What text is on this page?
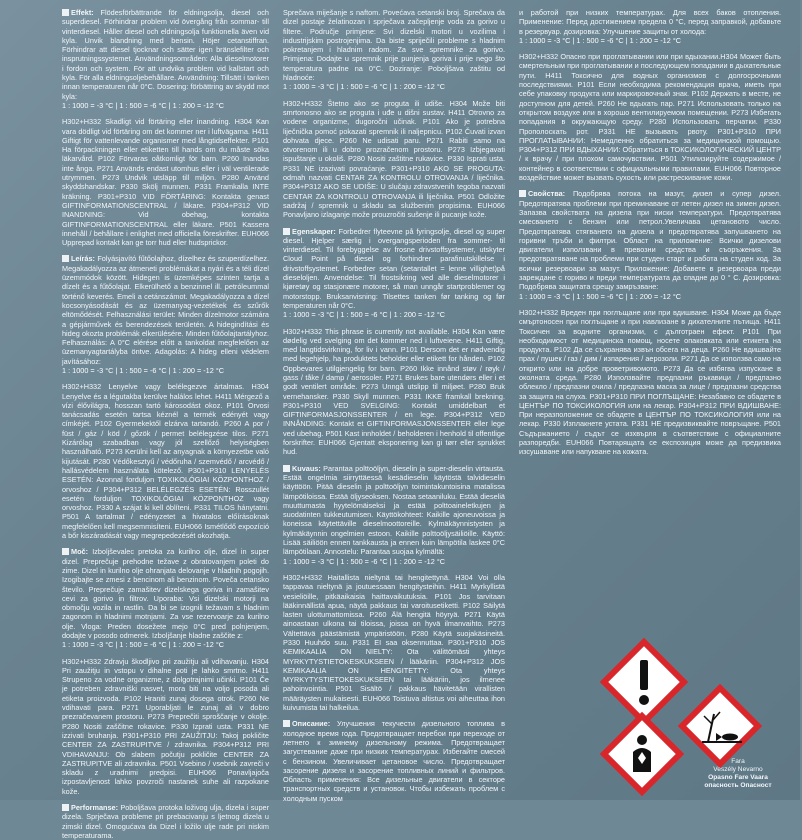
Effekt: Flödesförbättrande för eldningsolja, diesel och superdiesel. Förhindrar problem vid övergång från sommar- till vinterdiesel. Håller diesel och eldningsolja funktionella även vid kyla. Unvik blandning med bensin. Höjer cetanstiffran. Förhindrar att diesel tjocknar och sätter igen bränslefilter och insprutningssystemet. Användningsområden: Alla dieselmotorer i fordon och system. För att undvika problem vid kallstart och kyla. För alla eldningsoljebehållare. Användning: Tillsätt i tanken innan temperaturen når 0°C. Dosering: förbättring av skydd mot kyla:
1 : 1000 = -3 °C | 1 : 500 = -6 °C | 1 : 200 = -12 °C

H302+H332 Skadligt vid förtäring eller inandning. H304 Kan vara dödligt vid förtäring om det kommer ner i luftvägarna. H411 Giftigt för vattenlevande organismer med långtidseffekter. P101 Ha förpackningen eller etiketten till hands om du måste söka läkarvård. P102 Förvaras oåtkomligt för barn. P260 Inandas inte ånga. P271 Används endast utomhus eller i väl ventilerade utrymmen. P273 Undvik utsläpp till miljön. P280 Använd skyddshandskar. P330 Skölj munnen. P331 Framkalla INTE kräkning. P301+P310 VID FÖRTÄRING: Kontakta genast GIFTINFORMATIONSCENTRAL / läkare. P304+P312 VID INANDNING: Vid obehag, kontakta GIFTINFORMATIONSCENTRAL eller läkare. P501 Kassera innehåll / behållare i enlighet med officiella föreskrifter. EUH066 Upprepad kontakt kan ge torr hud eller hudsprickor.

Leírás: Folyásjavító fűtőolajhoz, dízelhez és szuperdízelhez. Megakadályozza az átmeneti problémákat a nyári és a téli dízel üzemmódok között. Hidegen is üzemképes szinten tartja a dízelt és a fűtőolajat. Elkerülhető a benzinnel ill. petróleummal történő keverés. Emeli a cetánszámot. Megakadályozza a dízel kocsonyásodását és az üzemanyag-vezetékek és szűrők eltömődését. Felhasználási terület: Minden dízelmotor számára a gépjárművek és berendezések területén. A hidegindítási és hideg okozta problémák elkerülésére. Minden fűtőolajtartályhoz. Felhasználás: A 0°C elérése előtt a tankoldat megfelelően az üzemanyagtartályba öntve. Adagolás: A hideg elleni védelem javításához:
1 : 1000 = -3 °C | 1 : 500 = -6 °C | 1 : 200 = -12 °C

H302+H332 Lenyelve vagy belélegezve ártalmas. H304 Lenyelve és a légutakba kerülve halálos lehet. H411 Mérgező a vízi élővilágra, hosszan tartó károsodást okoz. P101 Orvosi tanácsadás esetén tartsa kéznél a termék edényét vagy címkéjét. P102 Gyermekektől elzárva tartandó. P260 A por / füst / gáz / köd / gőzök / permet belélegzése tilos. P271 Kizárólag szabadban vagy jól szellőző helyiségben használható. P273 Kerülni kell az anyagnak a környezetbe való kijutását. P280 Védőkesztyű / védőruha / szemvédő / arcvédő / hallásvédelem használata kötelező. P301+P310 LENYELÉS ESETÉN: Azonnal forduljon TOXIKOLÓGIAI KÖZPONTHOZ / orvoshoz / P304+P312 BELÉLEGZÉS ESETÉN: Rosszullét esetén forduljon TOXIKOLÓGIAI KÖZPONTHOZ vagy orvoshoz. P330 A szájat ki kell öblíteni. P331 TILOS hánytatni. P501 A tartalmat / edényzetet a hivatalos előírásoknak megfelelően kell megsemmisíteni. EUH066 Ismétlődő expozíció a bőr kiszáradását vagy megrepedezését okozhatja.

Moč: Izboljševalec pretoka za kurilno olje, dizel in super dizel. Preprečuje prehodne težave z obratovanjem poleti do zime. Dizel in kurilno olje ohranjata delovanje v hladnih pogojih. Izogibajte se zmesi z bencinom ali benzinom. Poveča cetansko število. Preprečuje zamašitev dizelskega goriva in zamašitev cevi za gorivo in filtrov. Uporaba: Vsi dizelski motorji na območju vozila in rastlin. Da bi se izognili težavam s hladnim zagonom in hladnimi motnjami. Za vse rezervoarje za kurilno olje. Vloga: Preden dosežete mejo 0°C pred polnjenjem, dodajte v posodo odmerek. Izboljšanje hladne zaščite z:
1 : 1000 = -3 °C | 1 : 500 = -6 °C | 1 : 200 = -12 °C

H302+H332 Zdravju škodljivo pri zaužitju ali vdihavanju. H304 Pri zaužitju in vstopu v dihalne poti je lahko smrtno. H411 Strupeno za vodne organizme, z dolgotrajnimi učinki. P101 Če je potreben zdravniški nasvet, mora biti na voljo posoda ali etiketa proizvoda. P102 Hraniti zunaj dosega otrok. P260 Ne vdihavati para. P271 Uporabljati le zunaj ali v dobro prezračevanem prostoru. P273 Preprečiti sproščanje v okolje. P280 Nositi zaščitne rokavice. P330 Izprati usta. P331 NE izzivati bruhanja. P301+P310 PRI ZAUŽITJU: Takoj pokličite CENTER ZA ZASTRUPITVE / zdravnika. P304+P312 PRI VDIHAVANJU: Ob slabem počutju pokličite CENTER ZA ZASTRUPITVE ali zdravnika. P501 Vsebino / vsebnik zavreči v skladu z uradnimi predpisi. EUH066 Ponavljajoča izpostavljenost lahko povzroči nastanek suhe ali razpokane kože.

Performanse: Poboljšava protoka loživog ulja, dizela i super dizela. Sprječava probleme pri prebacivanju s ljetnog dizela u zimski dizel. Omogućava da Dizel i ložilo ulje rade pri niskim temperaturama.

Sprečava miješanje s naftom. Povećava cetanski broj. Sprečava da dizel postaje želatinozan i sprječava začepljenje voda za gorivo u filtere. Područje primjene: Svi dizelski motori u vozilima i industrijskim postrojenjima. Da biste spriječili probleme s hladnim pokretanjem i hladnim radom. Za sve spremnike za gorivo. Primjena: Dodajte u spremnik prije punjenja goriva i prije nego što temperatura padne na 0°C. Doziranje: Poboljšava zaštitu od hladnoće:
1 : 1000 = -3 °C | 1 : 500 = -6 °C | 1 : 200 = -12 °C

H302+H332 Štetno ako se proguta ili udiše. H304 Može biti smrtonosno ako se proguta i uđe u dišni sustav. H411 Otrovno za vodene organizme, dugoročni učinak. P101 Ako je potrebna liječnička pomoć pokazati spremnik ili naljepnicu. P102 Čuvati izvan dohvata djece. P260 Ne udisati paru. P271 Rabiti samo na otvorenom ili u dobro prozračenom prostoru. P273 Izbjegavati ispuštanje u okoliš. P280 Nositi zaštitne rukavice. P330 Isprati usta. P331 NE izazivati povraćanje. P301+P310 AKO SE PROGUTA: odmah nazvati CENTAR ZA KONTROLU OTROVANJA / liječnika. P304+P312 AKO SE UDIŠE: U slučaju zdravstvenih tegoba nazvati CENTAR ZA KONTROLU OTROVANJA ili liječnika. P501 Odložite sadržaj / spremnik u skladu sa službenim propisima. EUH066 Ponavljano izlaganje može prouzročiti sušenje ili pucanje kože.

Egenskaper: Forbedrer flyteevne på fyringsolje, diesel og super diesel. Hjelper særlig i overgangsperioden fra sommer- til vinterdiesel. Til forebyggelse av frosne drivstoffsystemer, utskyter Cloud Point på diesel og forhindrer parafinutskillelse i drivstoffsystemet. Forbedrer setan (setantallet = lenne villighet)på dieseloljen. Anvendelse: Til frostsikring ved alle dieselmotorer i kjøretøy og stasjonære motorer, så man unngår startproblemer og motorstopp. Bruksanvisning: Tilsettes tanken før tanking og før temperaturen når 0°C.
1 : 1000 = -3 °C | 1 : 500 = -6 °C | 1 : 200 = -12 °C

H302+H332 This phrase is currently not available. H304 Kan være dødelig ved svelging om det kommer ned i luftveiene. H411 Giftig, med langtidsvirkning, for liv i vann. P101 Dersom det er nødvendig med legehjelp, ha produktets beholder eller etikett for hånden. P102 Oppbevares utilgjengelig for barn. P260 Ikke innånd støv / røyk / gass / tåke / damp / aerosoler. P271 Brukes bare utendørs eller i et godt ventilert område. P273 Unngå utslipp til miljøet. P280 Bruk vernehansker. P330 Skyll munnen. P331 IKKE framkall brekning. P301+P310 VED SVELGING: Kontakt umiddelbart et GIFTINFORMASJONSSENTER / en lege. P304+P312 VED INNÅNDING: Kontakt et GIFTINFORMASJONSSENTER eller lege ved ubehag. P501 Kast innholdet / beholderen i henhold til offentlige forskrifter. EUH066 Gjentatt eksponering kan gi tørr eller sprukket hud.

Kuvaus: Parantaa polttoöljyn, dieselin ja super-dieselin virtausta. Estää ongelmia siirryttäessä kesädieselin käytöstä talvidieselin käyttöön. Pitää dieselin ja polttoöljyn toimintakuntoisina matalissa lämpötiloissa. Estää öljyseoksen. Nostaa setaaniluku. Estää dieseliä muuttumasta hyytelömäiseksi ja estää polttoaineletkujen ja suodatinten tukkeutumisen. Käyttökohteet: Kaikille ajoneuvoissa ja koneissa käytettäville dieselmoottoreille. Kylmäkäynnistysten ja kylmäkäynnin ongelmien estoon. Kaikille polttoöljysäiliöille. Käyttö: Lisää säiliöön ennen tankkausta ja ennen kuin lämpötila laskee 0°C lämpötilaan. Annostelu: Parantaa suojaa kylmältä:
1 : 1000 = -3 °C | 1 : 500 = -6 °C | 1 : 200 = -12 °C

H302+H332 Haitallista nieltynä tai hengitettynä. H304 Voi olla tappavaa nieltynä ja joutuessaan hengitysteihin. H411 Myrkyllistä vesieliöille, pitkäaikaisia haittavaikutuksia. P101 Jos tarvitaan lääkinnällistä apua, näytä pakkaus tai varoitusetiketti. P102 Säilytä lasten ulottumattomissa. P260 Älä hengitä höyryä. P271 Käytä ainoastaan ulkona tai tiloissa, joissa on hyvä ilmanvaihto. P273 Vältettävä päästämistä ympäristöön. P280 Käytä suojakäsineitä. P330 Huuhdo suu. P331 EI saa oksennuttaa. P301+P310 JOS KEMIKAALIA ON NIELTY: Ota välittömästi yhteys MYRKYTYSTIETOKESKUKSEEN / lääkäriin. P304+P312 JOS KEMIKAALIA ON HENGITETTY: Ota yhteys MYRKYTYSTIETOKESKUKSEEN tai lääkäriin, jos ilmenee pahoinvointia. P501 Sisältö / pakkaus hävitetään virallisten määräysten mukaisesti. EUH066 Toistuva altistus voi aiheuttaa ihon kuivumista tai halkeilua.

Описание: Улучшения текучести дизельного топлива в холодное время года. Предотвращает перебои при переходе от летнего к зимнему дизельному режима. Предотвращает загустевание даже при низких температурах. Избегайте смесей с бензином. Увеличивает цетановое число. Предотвращает засорение дизеля и засорение топливных линий и фильтров. Область применения: Все дизельные двигатели в секторе транспортных средств и установок. Чтобы избежать проблем с холодным пуском

и работой при низких температурах. Для всех баков отопления. Применение: Перед достижением предела 0 °C, перед заправкой, добавьте в резервуар. дозировка: Улучшение защиты от холода:
1 : 1000 = -3 °C | 1 : 500 = -6 °C | 1 : 200 = -12 °C

H302+H332 Опасно при проглатывании или при вдыхании.H304 Может быть смертельным при проглатывании и последующем попадании в дыхательные пути. H411 Токсично для водных организмов с долгосрочными последствиями. P101 Если необходима рекомендация врача, иметь при себе упаковку продукта или маркировочный знак. P102 Держать в месте, не доступном для детей. P260 Не вдыхать пар. P271 Использовать только на открытом воздухе или в хорошо вентилируемом помещении. P273 Избегать попадания в окружающую среду. P280 Использовать перчатки. P330 Прополоскать рот. P331 НЕ вызывать рвоту. P301+P310 ПРИ ПРОГЛАТЫВАНИИ: Немедленно обратиться за медицинской помощью. P304+P312 ПРИ ВДЫХАНИИ: Обратиться в ТОКСИКОЛОГИЧЕСКИЙ ЦЕНТР / к врачу / при плохом самочувствии. P501 Утилизируйте содержимое / контейнер в соответствии с официальными правилами. EUH066 Повторное воздействие может вызвать сухость или растрескивание кожи.

Свойства: Подобрява потока на мазут, дизел и супер дизел. Предотвратява проблеми при преминаване от летен дизел на зимен дизел. Запазва свойствата на дизела при ниски температури. Предотвратява смесването с бензин или петрол.Увеличава цетановото число. Предотвратява стягването на дизела и предотвратява запушването на горивни тръби и филтри. Област на приложение: Всички дизелови двигатели използвани в превозни средства и съоръжения. За предотвратяване на проблеми при студен старт и работа на студен ход. За всички резервоари за мазут. Приложение: Добавете в резервоара преди зареждане с гориво и преди температурата да спадне до 0 ° С. Дозировка: Подобрява защитата срещу замръзване:
1 : 1000 = -3 °C | 1 : 500 = -6 °C | 1 : 200 = -12 °C

H302+H332 Вреден при поглъщане или при вдишване. H304 Може да бъде смъртоносен при поглъщане и при навлизане в дихателните пътища. H411 Токсичен за водните организми, с дълготраен ефект. P101 При необходимост от медицинска помощ, носете опаковката или етикета на продукта. P102 Да се съхранява извън обсега на деца. P260 Не вдишвайте прах / пушек / газ / дим / изпарения / аерозоли. P271 Да се използва само на открито или на добре проветривомото. P273 Да се избягва изпускане в околната среда. P280 Използвайте предпазни ръкавици / предпазно облекло / предпазни очила / предпазна маска за лице / предпазни средства за защита на слуха. P301+P310 ПРИ ПОГЛЪЩАНЕ: Незабавно се обадете в ЦЕНТЪР ПО ТОКСИКОЛОГИЯ или на лекар. P304+P312 ПРИ ВДИШВАНЕ: При неразположение се обадете в ЦЕНТЪР ПО ТОКСИКОЛОГИЯ или на лекар. P330 Изплакнете устата. P331 НЕ предизвиквайте повръщане. P501 Съдържанието / съдът се изхвърля в съответствие с официалните разпоредби. EUH066 Повтарящата се експозиция може да предизвика изсушаване или напукване на кожата.

Fara
Veszély Nevarno
Opasno Fare Vaara
опасность Опасност
